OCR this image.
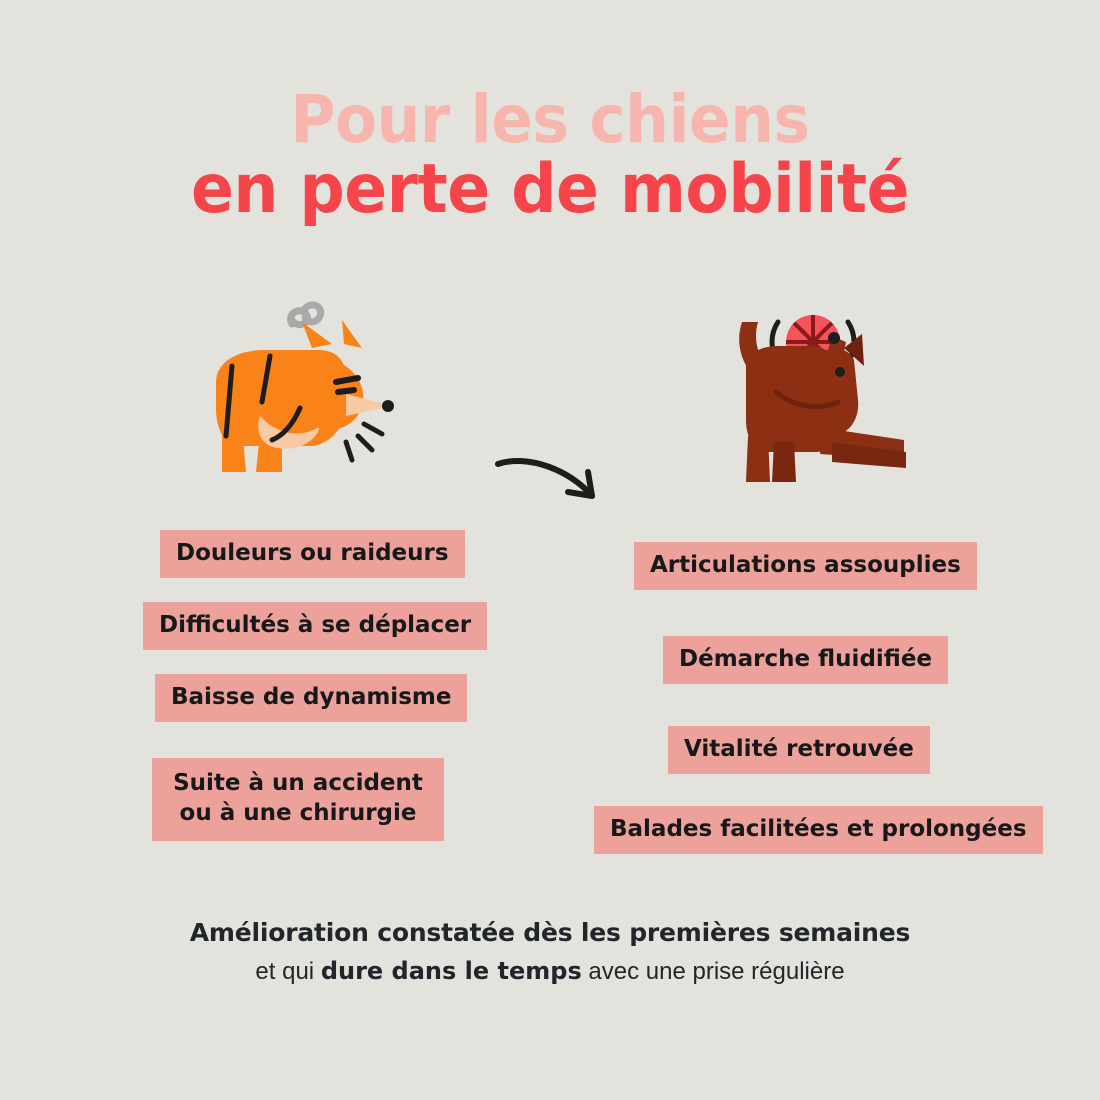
Pour les chiens
en perte de mobilité
Douleurs ou raideurs
Difficultés à se déplacer
Baisse de dynamisme
Suite à un accident ou à une chirurgie
Articulations assouplies
Démarche fluidifiée
Vitalité retrouvée
Balades facilitées et prolongées
Amélioration constatée dès les premières semaines
et qui dure dans le temps avec une prise régulière
